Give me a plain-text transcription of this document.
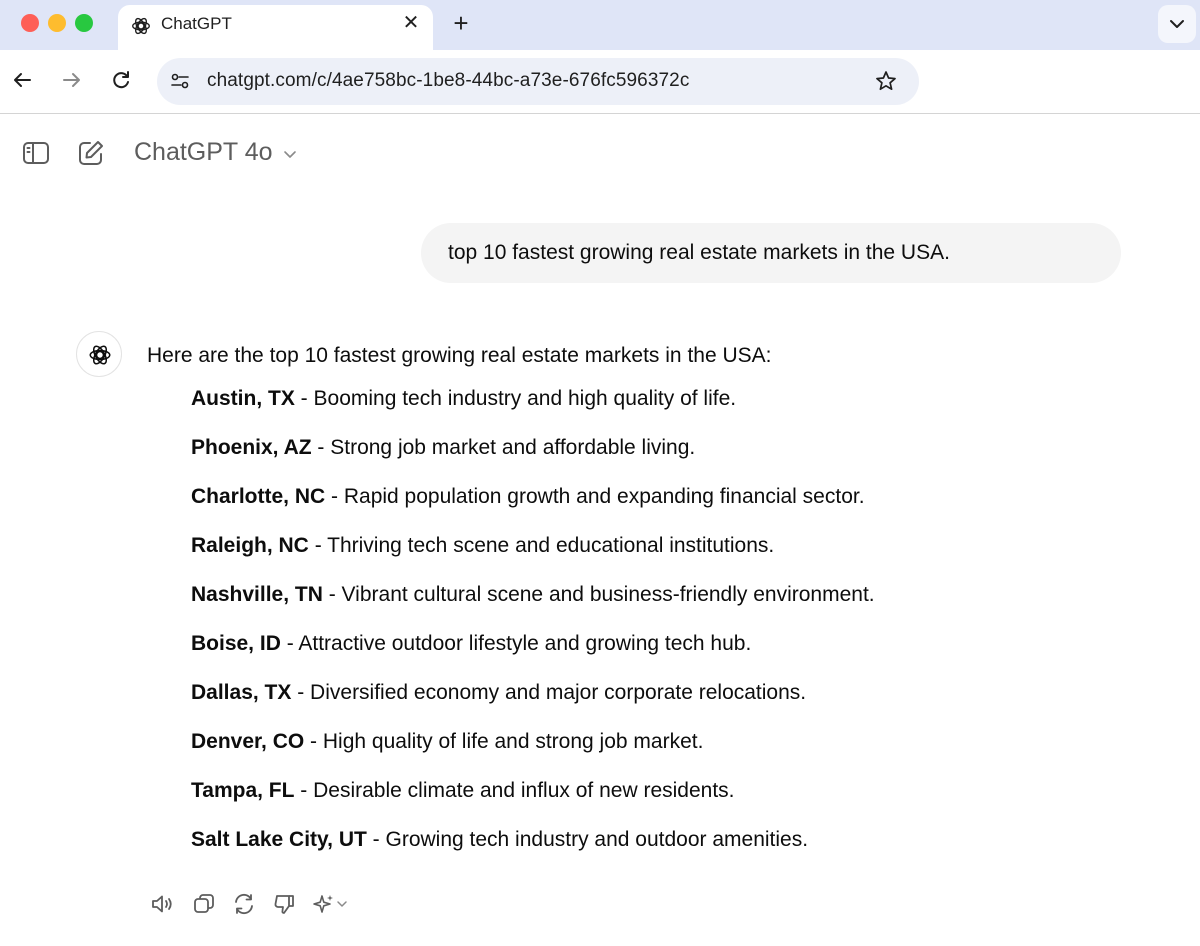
ChatGPT	✕ +
chatgpt.com/c/4ae758bc-1be8-44bc-a73e-676fc596372c
ChatGPT 4o
top 10 fastest growing real estate markets in the USA.
Here are the top 10 fastest growing real estate markets in the USA:
Austin, TX - Booming tech industry and high quality of life.
Phoenix, AZ - Strong job market and affordable living.
Charlotte, NC - Rapid population growth and expanding financial sector.
Raleigh, NC - Thriving tech scene and educational institutions.
Nashville, TN - Vibrant cultural scene and business-friendly environment.
Boise, ID - Attractive outdoor lifestyle and growing tech hub.
Dallas, TX - Diversified economy and major corporate relocations.
Denver, CO - High quality of life and strong job market.
Tampa, FL - Desirable climate and influx of new residents.
Salt Lake City, UT - Growing tech industry and outdoor amenities.
